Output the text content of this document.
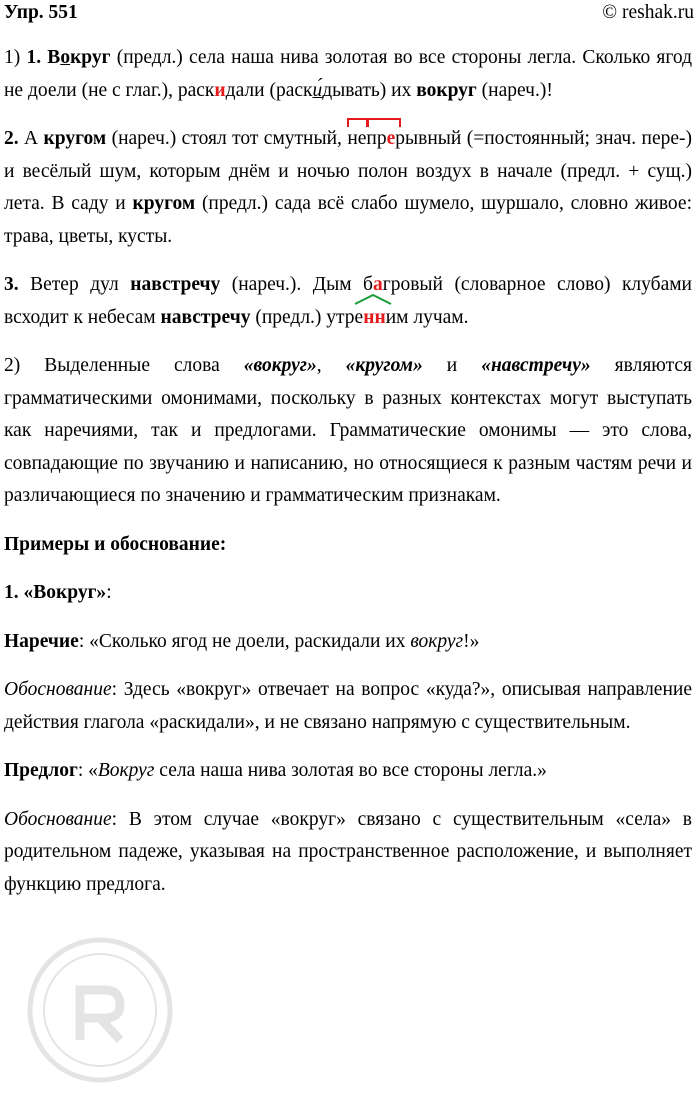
Упр. 551	© reshak.ru

1) 1. Вокруг (предл.) села наша нива золотая во все стороны легла. Сколько ягод не доели (не с глаг.), раскидали (раски́дывать) их вокруг (нареч.)!

2. А кругом (нареч.) стоял тот смутный, не
пр
ерывный (=постоянный; знач. пере-) и весёлый шум, которым днём и ночью полон воздух в начале (предл. + сущ.) лета. В саду и кругом (предл.) сада всё слабо шумело, шуршало, словно живое: трава, цветы, кусты.

3. Ветер дул навстречу (нареч.). Дым багровый (словарное слово) клубами всходит к небесам навстречу (предл.) утренн
им лучам.

2) Выделенные слова «вокруг», «кругом» и «навстречу» являются грамматическими омонимами, поскольку в разных контекстах могут выступать как наречиями, так и предлогами. Грамматические омонимы — это слова, совпадающие по звучанию и написанию, но относящиеся к разным частям речи и различающиеся по значению и грамматическим признакам.

Примеры и обоснование:

1. «Вокруг»:

Наречие: «Сколько ягод не доели, раскидали их вокруг!»

Обоснование: Здесь «вокруг» отвечает на вопрос «куда?», описывая направление действия глагола «раскидали», и не связано напрямую с существительным.

Предлог: «Вокруг села наша нива золотая во все стороны легла.»

Обоснование: В этом случае «вокруг» связано с существительным «села» в родительном падеже, указывая на пространственное расположение, и выполняет функцию предлога.
